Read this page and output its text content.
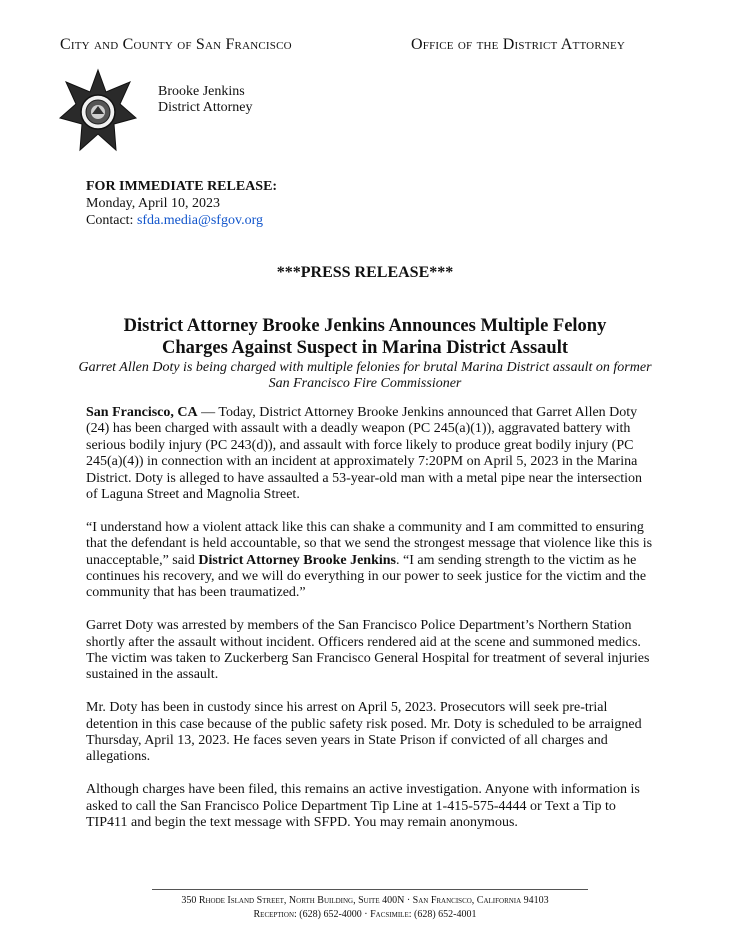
City and County of San Francisco	Office of the District Attorney
Brooke Jenkins
District Attorney
FOR IMMEDIATE RELEASE:
Monday, April 10, 2023
Contact: sfda.media@sfgov.org
***PRESS RELEASE***
District Attorney Brooke Jenkins Announces Multiple Felony
Charges Against Suspect in Marina District Assault
Garret Allen Doty is being charged with multiple felonies for brutal Marina District assault on former San Francisco Fire Commissioner

San Francisco, CA — Today, District Attorney Brooke Jenkins announced that Garret Allen Doty (24) has been charged with assault with a deadly weapon (PC 245(a)(1)), aggravated battery with serious bodily injury (PC 243(d)), and assault with force likely to produce great bodily injury (PC 245(a)(4)) in connection with an incident at approximately 7:20PM on April 5, 2023 in the Marina District. Doty is alleged to have assaulted a 53-year-old man with a metal pipe near the intersection of Laguna Street and Magnolia Street.

“I understand how a violent attack like this can shake a community and I am committed to ensuring that the defendant is held accountable, so that we send the strongest message that violence like this is unacceptable,” said District Attorney Brooke Jenkins. “I am sending strength to the victim as he continues his recovery, and we will do everything in our power to seek justice for the victim and the community that has been traumatized.”

Garret Doty was arrested by members of the San Francisco Police Department’s Northern Station shortly after the assault without incident. Officers rendered aid at the scene and summoned medics. The victim was taken to Zuckerberg San Francisco General Hospital for treatment of several injuries sustained in the assault.

Mr. Doty has been in custody since his arrest on April 5, 2023. Prosecutors will seek pre-trial detention in this case because of the public safety risk posed. Mr. Doty is scheduled to be arraigned Thursday, April 13, 2023. He faces seven years in State Prison if convicted of all charges and allegations.

Although charges have been filed, this remains an active investigation. Anyone with information is asked to call the San Francisco Police Department Tip Line at 1-415-575-4444 or Text a Tip to TIP411 and begin the text message with SFPD. You may remain anonymous.

350 Rhode Island Street, North Building, Suite 400N · San Francisco, California 94103
Reception: (628) 652-4000 · Facsimile: (628) 652-4001
